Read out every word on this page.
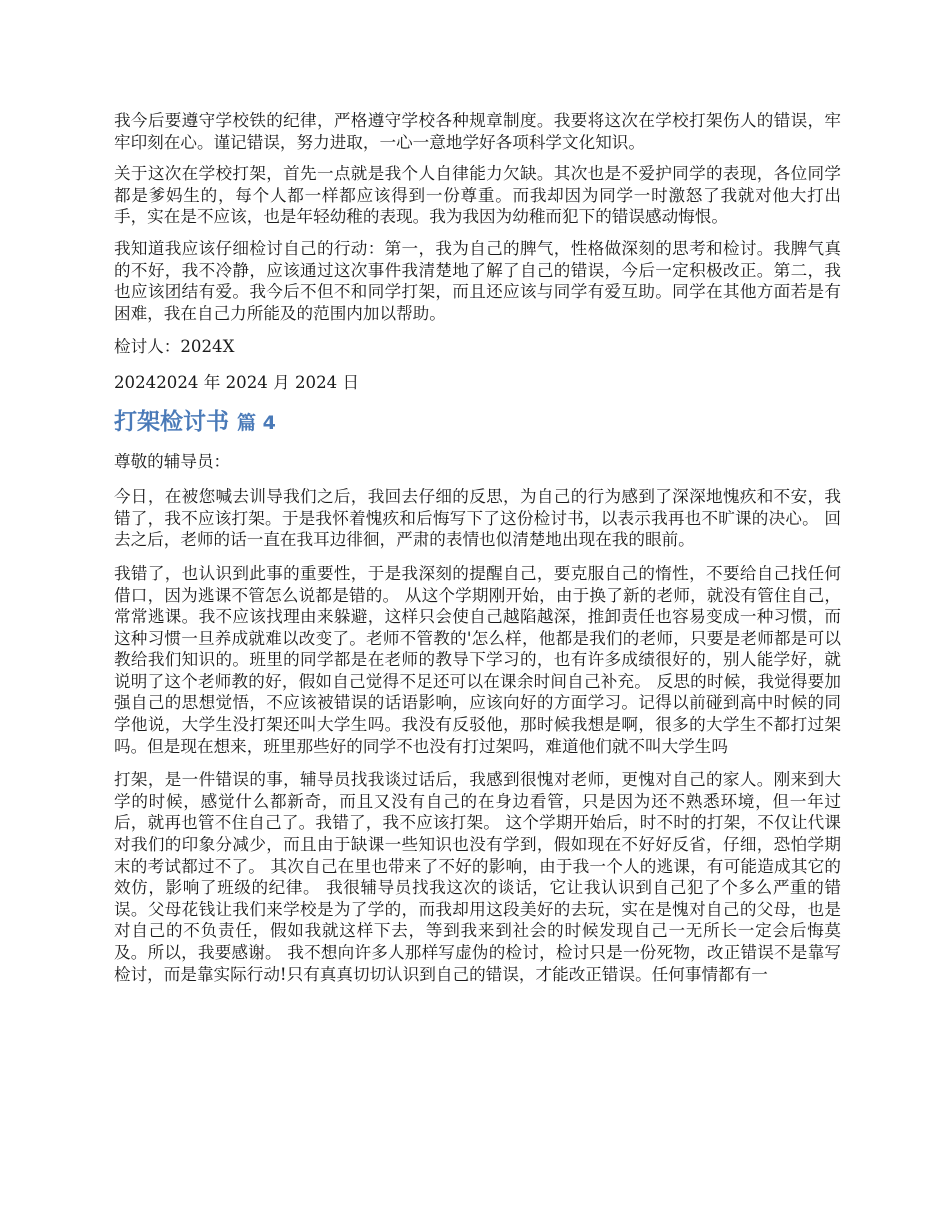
我今后要遵守学校铁的纪律，严格遵守学校各种规章制度。我要将这次在学校打架伤人的错误，牢牢印刻在心。谨记错误，努力进取，一心一意地学好各项科学文化知识。

关于这次在学校打架，首先一点就是我个人自律能力欠缺。其次也是不爱护同学的表现，各位同学都是爹妈生的，每个人都一样都应该得到一份尊重。而我却因为同学一时激怒了我就对他大打出手，实在是不应该，也是年轻幼稚的表现。我为我因为幼稚而犯下的错误感动悔恨。

我知道我应该仔细检讨自己的行动：第一，我为自己的脾气，性格做深刻的思考和检讨。我脾气真的不好，我不冷静，应该通过这次事件我清楚地了解了自己的错误，今后一定积极改正。第二，我也应该团结有爱。我今后不但不和同学打架，而且还应该与同学有爱互助。同学在其他方面若是有困难，我在自己力所能及的范围内加以帮助。

检讨人：2024X

20242024 年 2024 月 2024 日

打架检讨书 篇 4

尊敬的辅导员：

今日，在被您喊去训导我们之后，我回去仔细的反思，为自己的行为感到了深深地愧疚和不安，我错了，我不应该打架。于是我怀着愧疚和后悔写下了这份检讨书，以表示我再也不旷课的决心。 回去之后，老师的话一直在我耳边徘徊，严肃的表情也似清楚地出现在我的眼前。

我错了，也认识到此事的重要性，于是我深刻的提醒自己，要克服自己的惰性，不要给自己找任何借口，因为逃课不管怎么说都是错的。 从这个学期刚开始，由于换了新的老师，就没有管住自己，常常逃课。我不应该找理由来躲避，这样只会使自己越陷越深，推卸责任也容易变成一种习惯，而这种习惯一旦养成就难以改变了。老师不管教的'怎么样，他都是我们的老师，只要是老师都是可以教给我们知识的。班里的同学都是在老师的教导下学习的，也有许多成绩很好的，别人能学好，就说明了这个老师教的好，假如自己觉得不足还可以在课余时间自己补充。 反思的时候，我觉得要加强自己的思想觉悟，不应该被错误的话语影响，应该向好的方面学习。记得以前碰到高中时候的同学他说，大学生没打架还叫大学生吗。我没有反驳他，那时候我想是啊，很多的大学生不都打过架吗。但是现在想来，班里那些好的同学不也没有打过架吗，难道他们就不叫大学生吗

打架，是一件错误的事，辅导员找我谈过话后，我感到很愧对老师，更愧对自己的家人。刚来到大学的时候，感觉什么都新奇，而且又没有自己的在身边看管，只是因为还不熟悉环境，但一年过后，就再也管不住自己了。我错了，我不应该打架。 这个学期开始后，时不时的打架，不仅让代课对我们的印象分减少，而且由于缺课一些知识也没有学到，假如现在不好好反省，仔细，恐怕学期末的考试都过不了。 其次自己在里也带来了不好的影响，由于我一个人的逃课，有可能造成其它的效仿，影响了班级的纪律。 我很辅导员找我这次的谈话，它让我认识到自己犯了个多么严重的错误。父母花钱让我们来学校是为了学的，而我却用这段美好的去玩，实在是愧对自己的父母，也是对自己的不负责任，假如我就这样下去，等到我来到社会的时候发现自己一无所长一定会后悔莫及。所以，我要感谢。 我不想向许多人那样写虚伪的检讨，检讨只是一份死物，改正错误不是靠写检讨，而是靠实际行动!只有真真切切认识到自己的错误，才能改正错误。任何事情都有一
